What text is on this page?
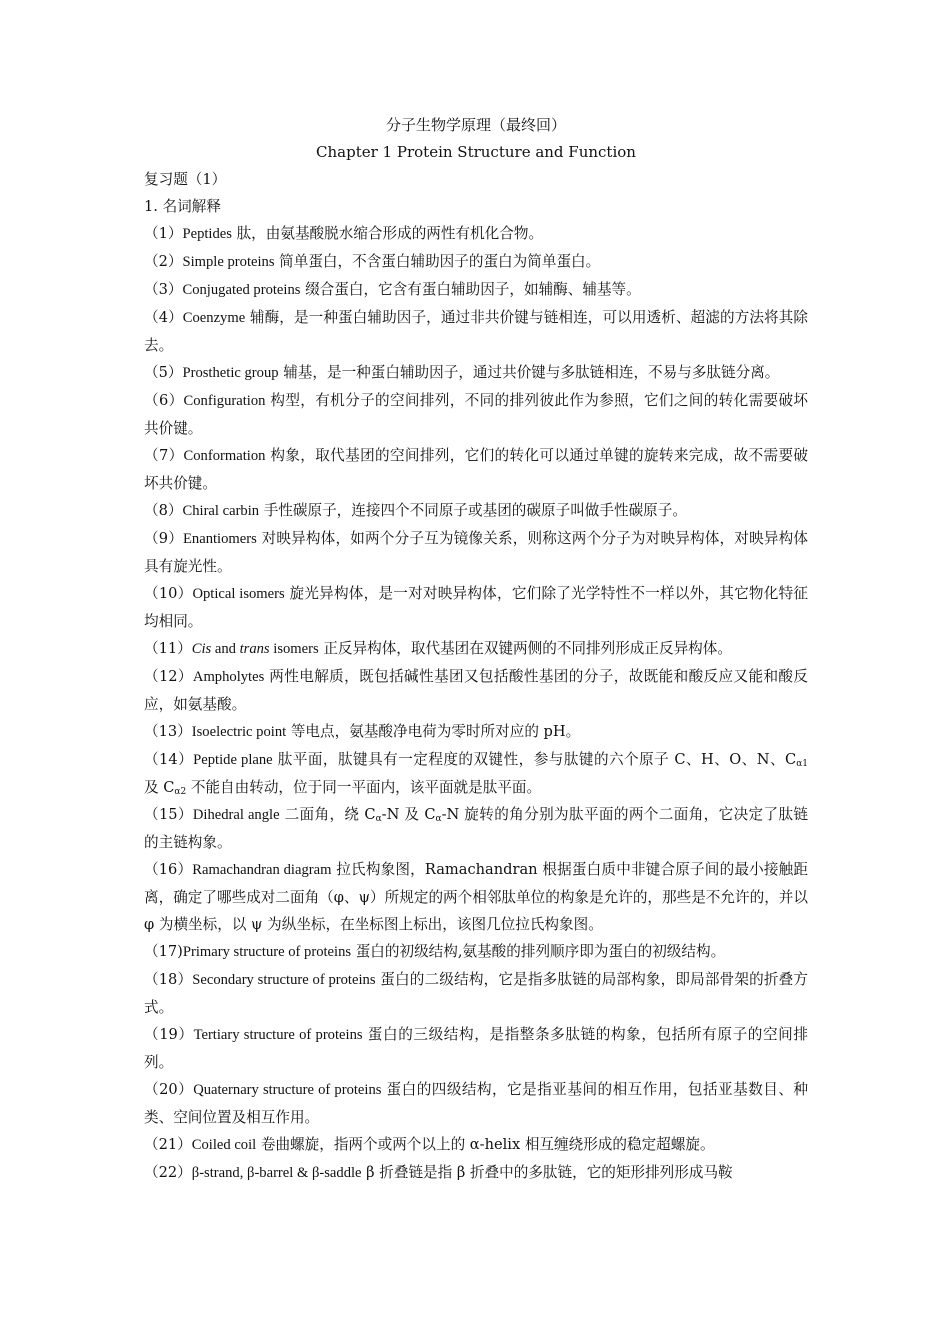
分子生物学原理（最终回）

Chapter 1 Protein Structure and Function

复习题（1）

1. 名词解释

（1）Peptides 肽，由氨基酸脱水缩合形成的两性有机化合物。

（2）Simple proteins 简单蛋白，不含蛋白辅助因子的蛋白为简单蛋白。

（3）Conjugated proteins 缀合蛋白，它含有蛋白辅助因子，如辅酶、辅基等。

（4）Coenzyme 辅酶，是一种蛋白辅助因子，通过非共价键与链相连，可以用透析、超滤的方法将其除去。

（5）Prosthetic group 辅基，是一种蛋白辅助因子，通过共价键与多肽链相连，不易与多肽链分离。

（6）Configuration 构型，有机分子的空间排列，不同的排列彼此作为参照，它们之间的转化需要破坏共价键。

（7）Conformation 构象，取代基团的空间排列，它们的转化可以通过单键的旋转来完成，故不需要破坏共价键。

（8）Chiral carbin 手性碳原子，连接四个不同原子或基团的碳原子叫做手性碳原子。

（9）Enantiomers 对映异构体，如两个分子互为镜像关系，则称这两个分子为对映异构体，对映异构体具有旋光性。

（10）Optical isomers 旋光异构体，是一对对映异构体，它们除了光学特性不一样以外，其它物化特征均相同。

（11）Cis and trans isomers 正反异构体，取代基团在双键两侧的不同排列形成正反异构体。

（12）Ampholytes 两性电解质，既包括碱性基团又包括酸性基团的分子，故既能和酸反应又能和酸反应，如氨基酸。

（13）Isoelectric point 等电点，氨基酸净电荷为零时所对应的 pH。

（14）Peptide plane 肽平面，肽键具有一定程度的双键性，参与肽键的六个原子 C、H、O、N、$C_{\alpha 1}$ 及 $C_{\alpha 2}$ 不能自由转动，位于同一平面内，该平面就是肽平面。

（15）Dihedral angle 二面角，绕 $C_\alpha-N$ 及 $C_\alpha-N$ 旋转的角分别为肽平面的两个二面角，它决定了肽链的主链构象。

（16）Ramachandran diagram 拉氏构象图，Ramachandran 根据蛋白质中非键合原子间的最小接触距离，确定了哪些成对二面角（φ、ψ）所规定的两个相邻肽单位的构象是允许的，那些是不允许的，并以 φ 为横坐标，以 ψ 为纵坐标，在坐标图上标出，该图几位拉氏构象图。

（17)Primary structure of proteins 蛋白的初级结构,氨基酸的排列顺序即为蛋白的初级结构。

（18）Secondary structure of proteins 蛋白的二级结构，它是指多肽链的局部构象，即局部骨架的折叠方式。

（19）Tertiary structure of proteins 蛋白的三级结构，是指整条多肽链的构象，包括所有原子的空间排列。

（20）Quaternary structure of proteins 蛋白的四级结构，它是指亚基间的相互作用，包括亚基数目、种类、空间位置及相互作用。

（21）Coiled coil 卷曲螺旋，指两个或两个以上的 α-helix 相互缠绕形成的稳定超螺旋。

（22）β-strand, β-barrel & β-saddle β 折叠链是指 β 折叠中的多肽链，它的矩形排列形成马鞍
